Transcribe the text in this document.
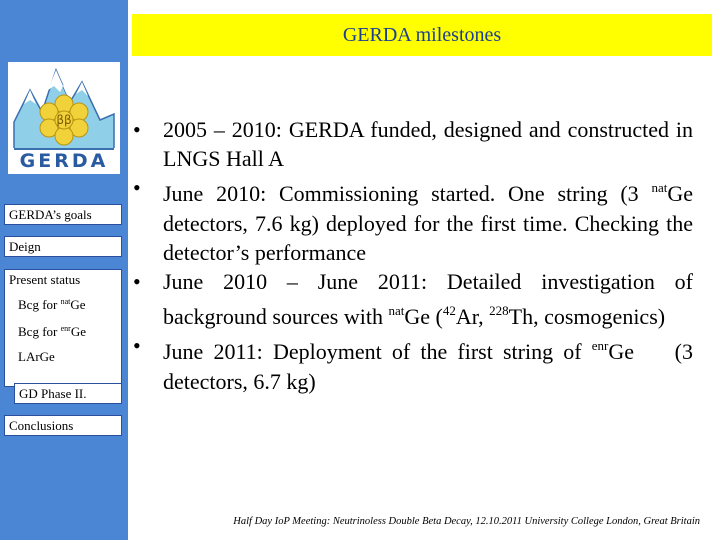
ββ
GERDA
GERDA’s goals
Deign
Present status
Bcg for $^{nat}$Ge
Bcg for $^{enr}$Ge
LArGe
GD Phase II.
Conclusions
GERDA milestones
• 2005 – 2010: GERDA funded, designed and constructed in LNGS Hall A
• June 2010: Commissioning started. One string (3 $^{nat}$Ge detectors, 7.6 kg) deployed for the first time. Checking the detector’s performance
• June 2010 – June 2011: Detailed investigation of background sources with $^{nat}$Ge ($^{42}$Ar, $^{228}$Th, cosmogenics)
• June 2011: Deployment of the first string of $^{enr}$Ge    (3 detectors, 6.7 kg)
Half Day IoP Meeting: Neutrinoless Double Beta Decay, 12.10.2011 University College London, Great Britain
